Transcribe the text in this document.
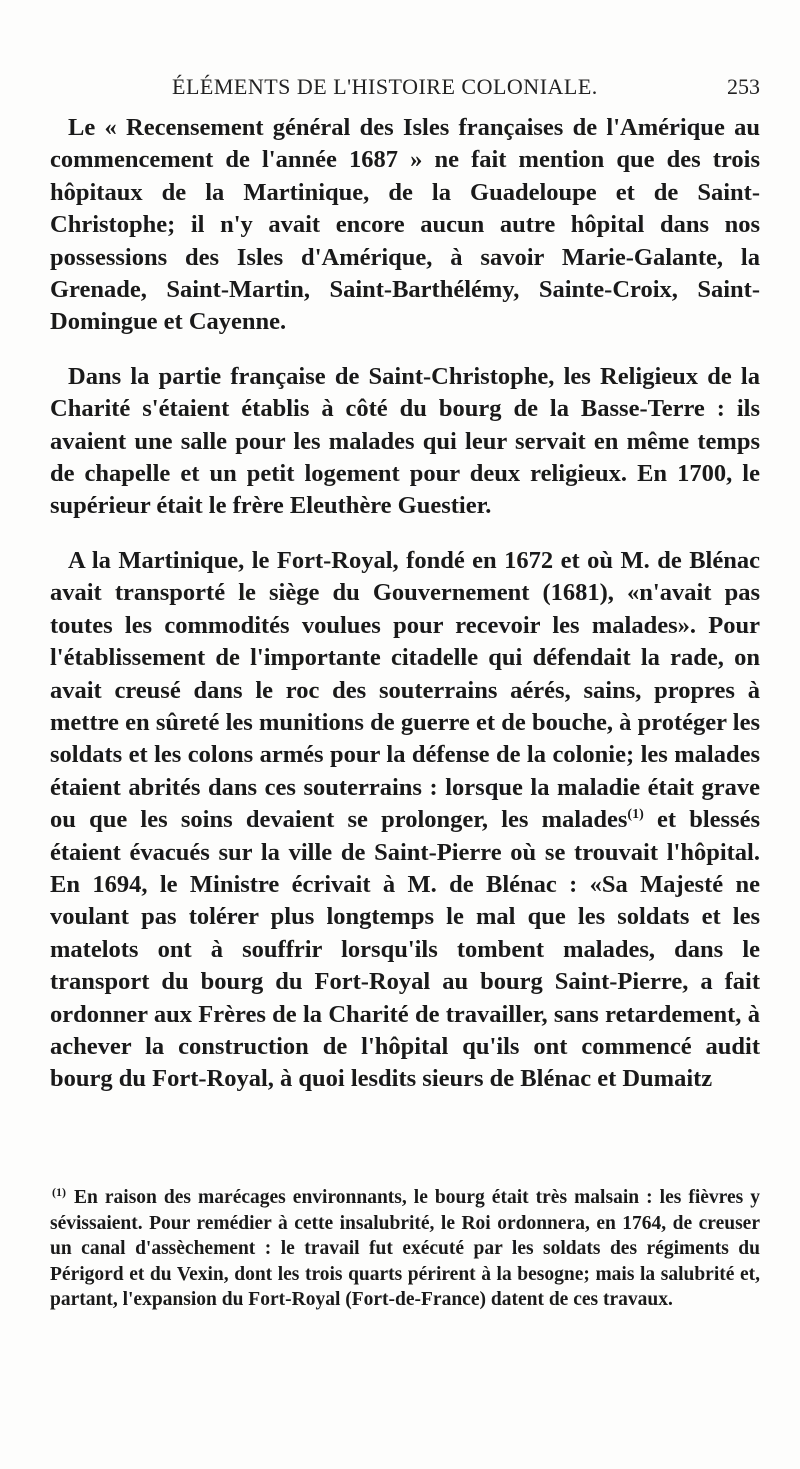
ÉLÉMENTS DE L'HISTOIRE COLONIALE.	253

Le « Recensement général des Isles françaises de l'Amérique au commencement de l'année 1687 » ne fait mention que des trois hôpitaux de la Martinique, de la Guadeloupe et de Saint-Christophe; il n'y avait encore aucun autre hôpital dans nos possessions des Isles d'Amérique, à savoir Marie-Galante, la Grenade, Saint-Martin, Saint-Barthélémy, Sainte-Croix, Saint-Domingue et Cayenne.

Dans la partie française de Saint-Christophe, les Religieux de la Charité s'étaient établis à côté du bourg de la Basse-Terre : ils avaient une salle pour les malades qui leur servait en même temps de chapelle et un petit logement pour deux religieux. En 1700, le supérieur était le frère Eleuthère Guestier.

A la Martinique, le Fort-Royal, fondé en 1672 et où M. de Blénac avait transporté le siège du Gouvernement (1681), «n'avait pas toutes les commodités voulues pour recevoir les malades». Pour l'établissement de l'importante citadelle qui défendait la rade, on avait creusé dans le roc des souterrains aérés, sains, propres à mettre en sûreté les munitions de guerre et de bouche, à protéger les soldats et les colons armés pour la défense de la colonie; les malades étaient abrités dans ces souterrains : lorsque la maladie était grave ou que les soins devaient se prolonger, les malades$^{(1)}$ et blessés étaient évacués sur la ville de Saint-Pierre où se trouvait l'hôpital. En 1694, le Ministre écrivait à M. de Blénac : «Sa Majesté ne voulant pas tolérer plus longtemps le mal que les soldats et les matelots ont à souffrir lorsqu'ils tombent malades, dans le transport du bourg du Fort-Royal au bourg Saint-Pierre, a fait ordonner aux Frères de la Charité de travailler, sans retardement, à achever la construction de l'hôpital qu'ils ont commencé audit bourg du Fort-Royal, à quoi lesdits sieurs de Blénac et Dumaitz

$^{(1)}$ En raison des marécages environnants, le bourg était très malsain : les fièvres y sévissaient. Pour remédier à cette insalubrité, le Roi ordonnera, en 1764, de creuser un canal d'assèchement : le travail fut exécuté par les soldats des régiments du Périgord et du Vexin, dont les trois quarts périrent à la besogne; mais la salubrité et, partant, l'expansion du Fort-Royal (Fort-de-France) datent de ces travaux.
